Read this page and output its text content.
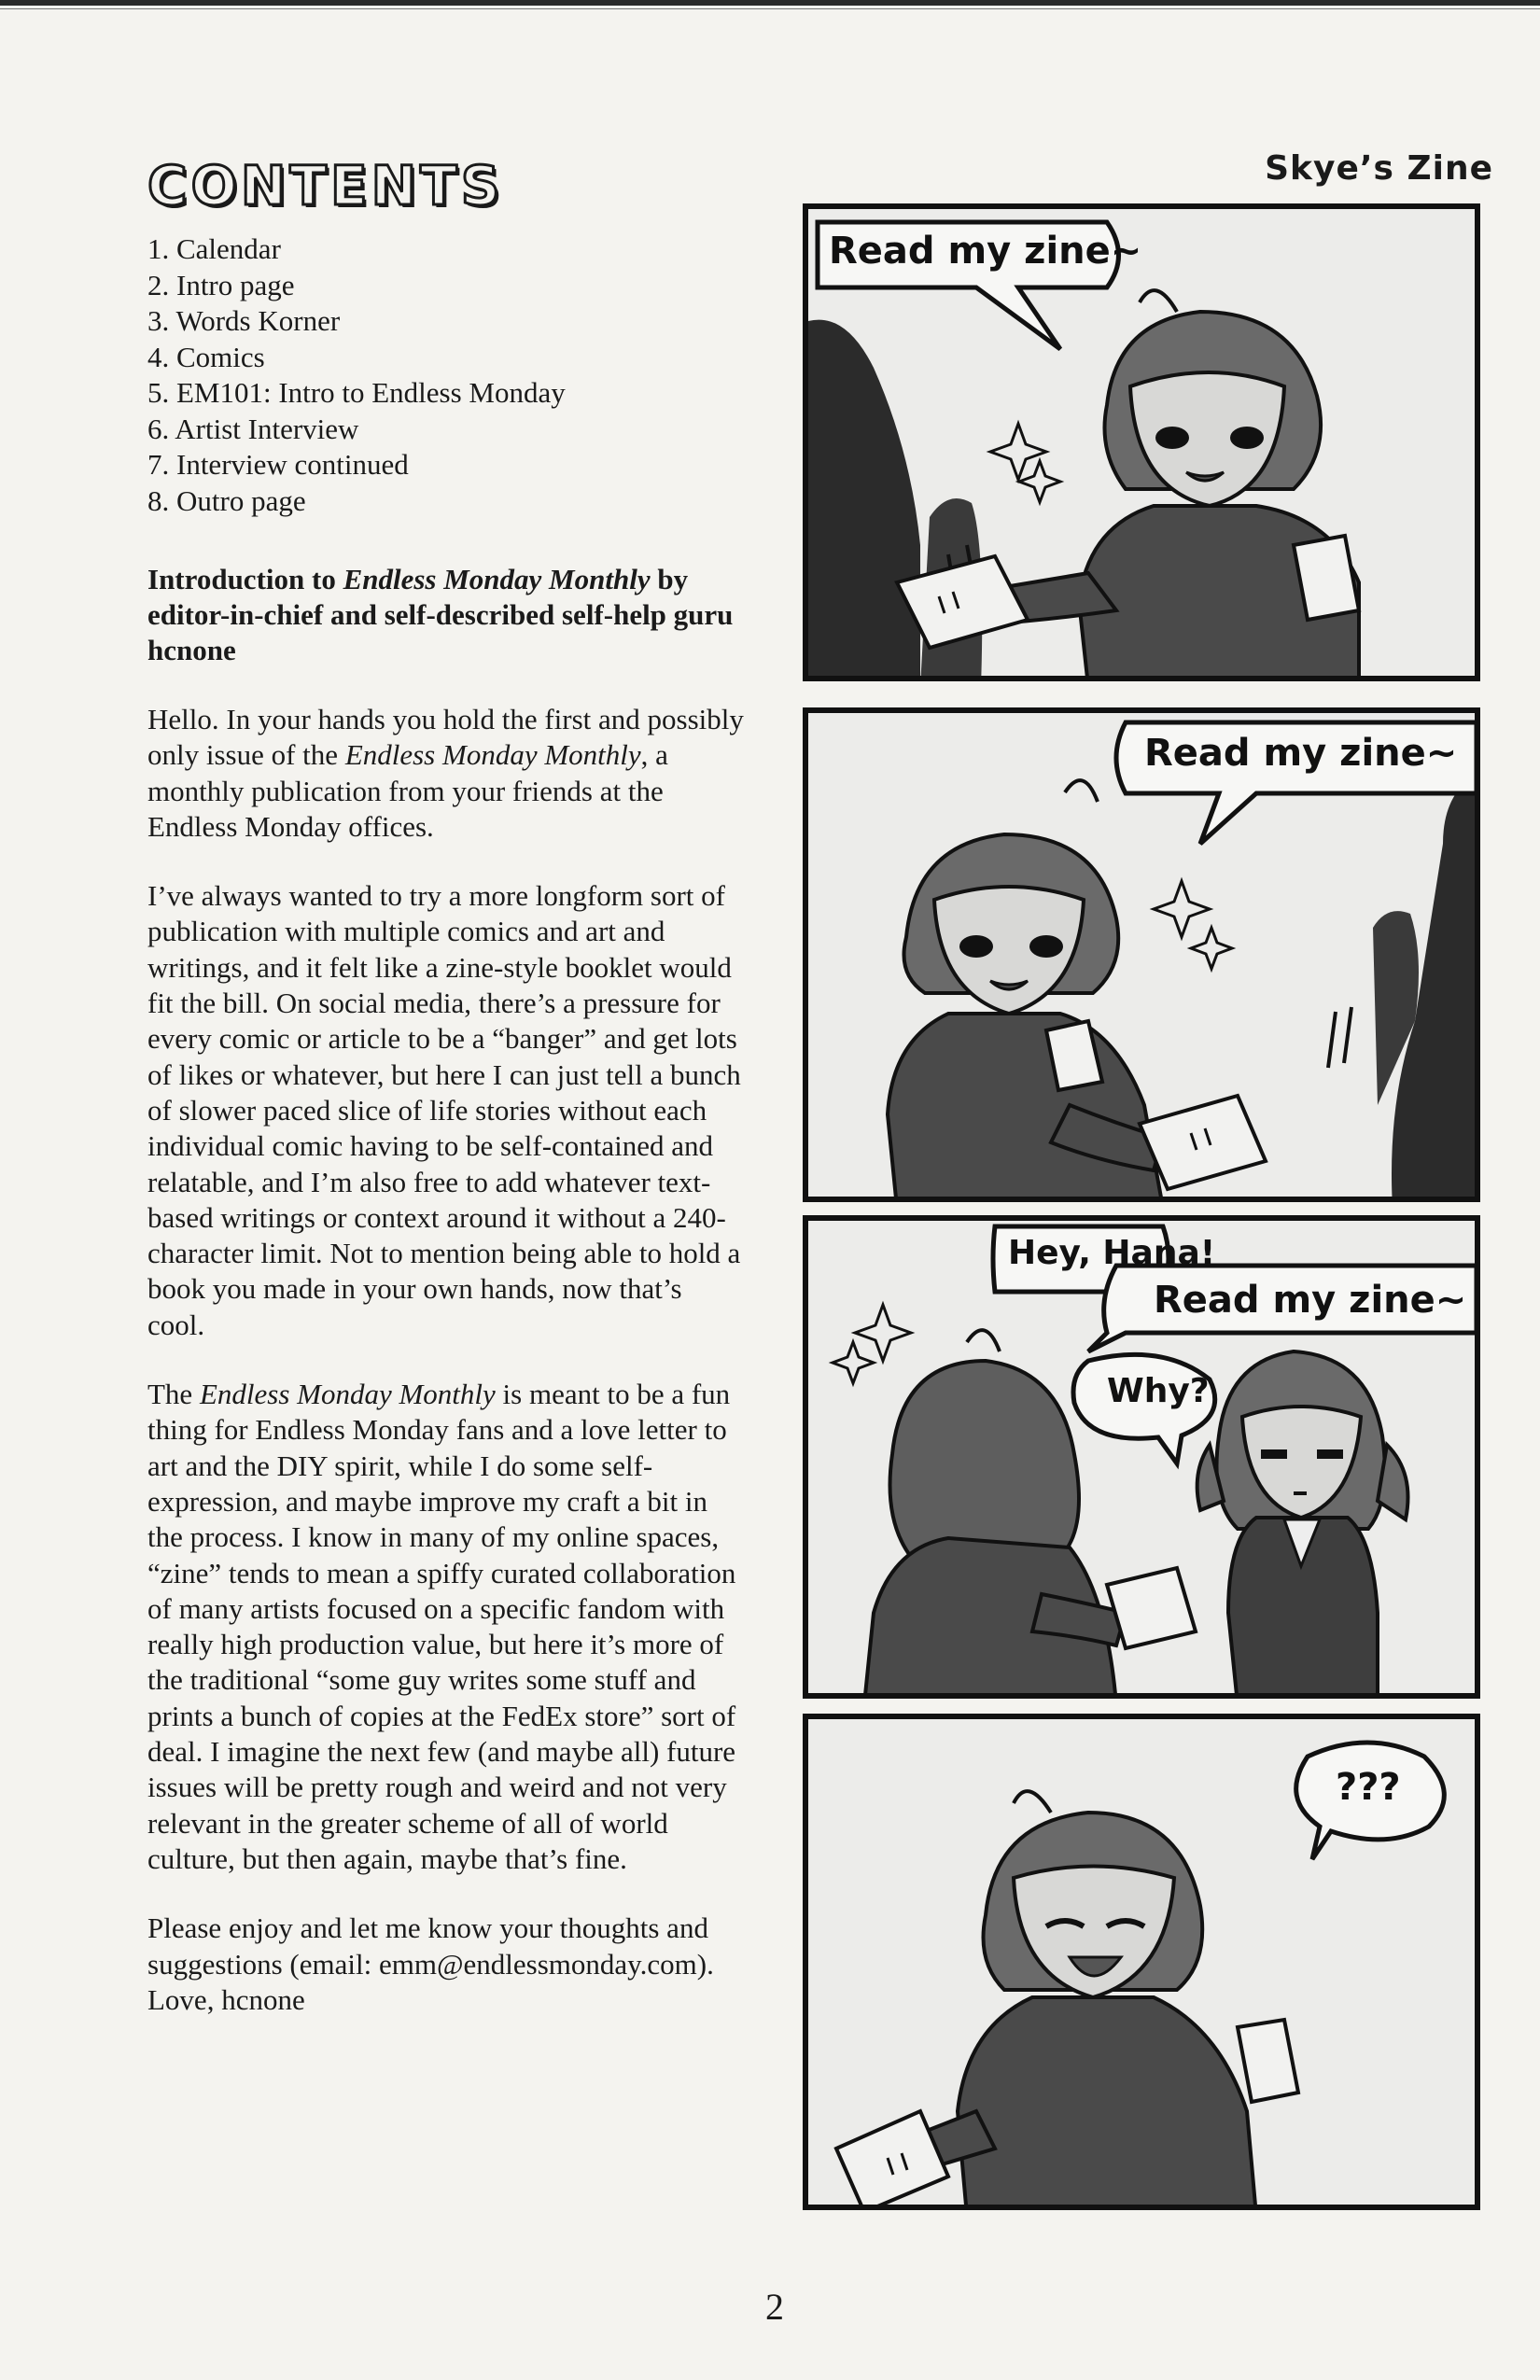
CONTENTS
1. Calendar
2. Intro page
3. Words Korner
4. Comics
5. EM101: Intro to Endless Monday
6. Artist Interview
7. Interview continued
8. Outro page
Introduction to Endless Monday Monthly by editor-in-chief and self-described self-help guru hcnone
Hello. In your hands you hold the first and possibly only issue of the Endless Monday Monthly, a monthly publication from your friends at the Endless Monday offices.
I’ve always wanted to try a more longform sort of publication with multiple comics and art and writings, and it felt like a zine-style booklet would fit the bill. On social media, there’s a pressure for every comic or article to be a “banger” and get lots of likes or whatever, but here I can just tell a bunch of slower paced slice of life stories without each individual comic having to be self-contained and relatable, and I’m also free to add whatever text-based writings or context around it without a 240-character limit. Not to mention being able to hold a book you made in your own hands, now that’s cool.
The Endless Monday Monthly is meant to be a fun thing for Endless Monday fans and a love letter to art and the DIY spirit, while I do some self-expression, and maybe improve my craft a bit in the process. I know in many of my online spaces, “zine” tends to mean a spiffy curated collaboration of many artists focused on a specific fandom with really high production value, but here it’s more of the traditional “some guy writes some stuff and prints a bunch of copies at the FedEx store” sort of deal. I imagine the next few (and maybe all) future issues will be pretty rough and weird and not very relevant in the greater scheme of all of world culture, but then again, maybe that’s fine.
Please enjoy and let me know your thoughts and suggestions (email: emm@endlessmonday.com).
Love, hcnone
Skye’s Zine
Read my zine~
Read my zine~
Hey, Hana!
Read my zine~
Why?
???
2
